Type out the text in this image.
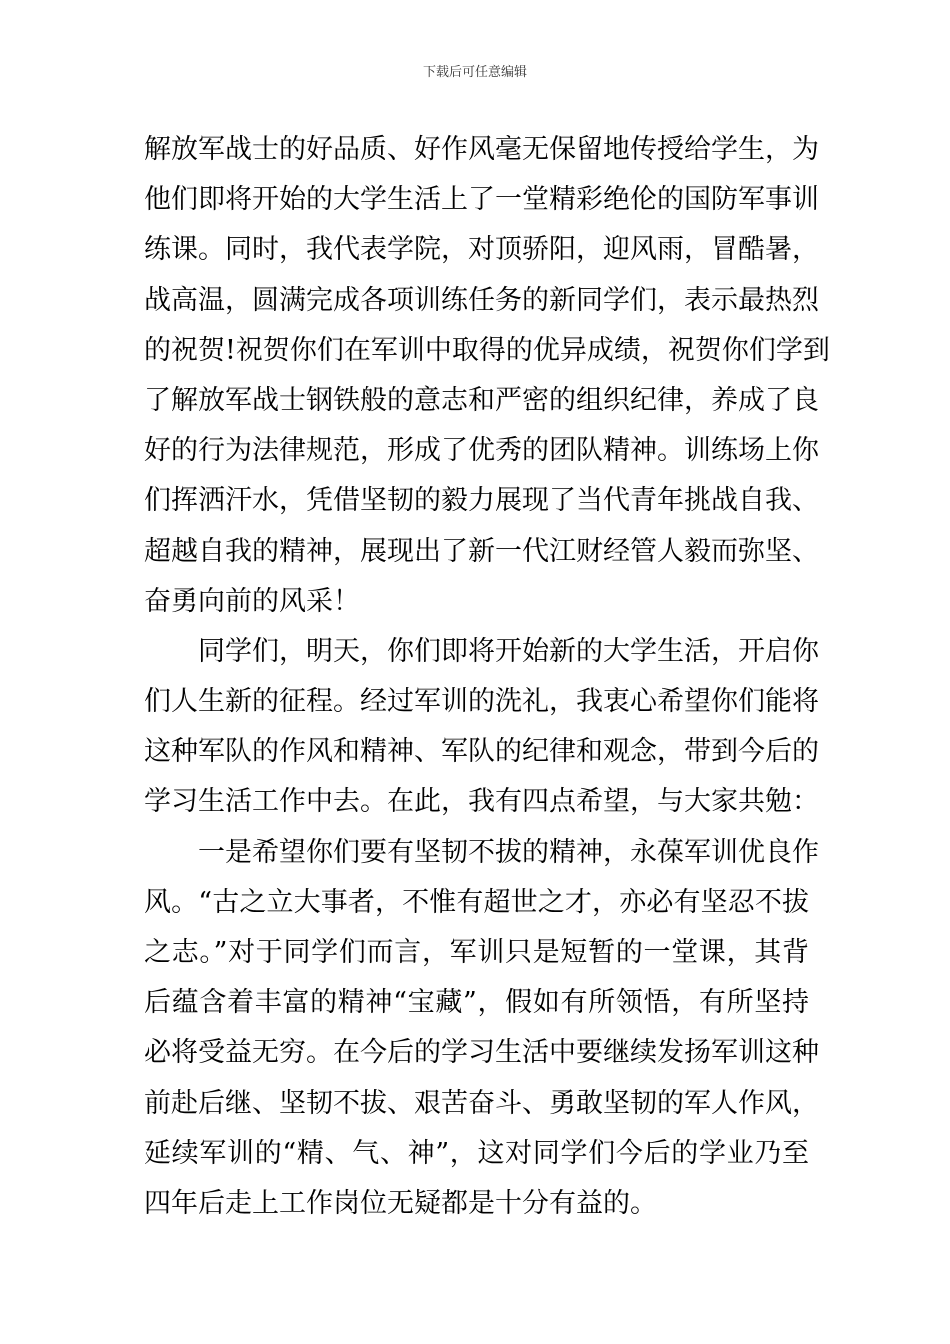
下载后可任意编辑
解放军战士的好品质、好作风毫无保留地传授给学生，为
他们即将开始的大学生活上了一堂精彩绝伦的国防军事训
练课。同时，我代表学院，对顶骄阳，迎风雨，冒酷暑，
战高温，圆满完成各项训练任务的新同学们，表示最热烈
的祝贺!祝贺你们在军训中取得的优异成绩，祝贺你们学到
了解放军战士钢铁般的意志和严密的组织纪律，养成了良
好的行为法律规范，形成了优秀的团队精神。训练场上你
们挥洒汗水，凭借坚韧的毅力展现了当代青年挑战自我、
超越自我的精神，展现出了新一代江财经管人毅而弥坚、
奋勇向前的风采！
同学们，明天，你们即将开始新的大学生活，开启你
们人生新的征程。经过军训的洗礼，我衷心希望你们能将
这种军队的作风和精神、军队的纪律和观念，带到今后的
学习生活工作中去。在此，我有四点希望，与大家共勉：
一是希望你们要有坚韧不拔的精神，永葆军训优良作
风。“古之立大事者，不惟有超世之才，亦必有坚忍不拔
之志。”对于同学们而言，军训只是短暂的一堂课，其背
后蕴含着丰富的精神“宝藏”，假如有所领悟，有所坚持
必将受益无穷。在今后的学习生活中要继续发扬军训这种
前赴后继、坚韧不拔、艰苦奋斗、勇敢坚韧的军人作风，
延续军训的“精、气、神”，这对同学们今后的学业乃至
四年后走上工作岗位无疑都是十分有益的。
